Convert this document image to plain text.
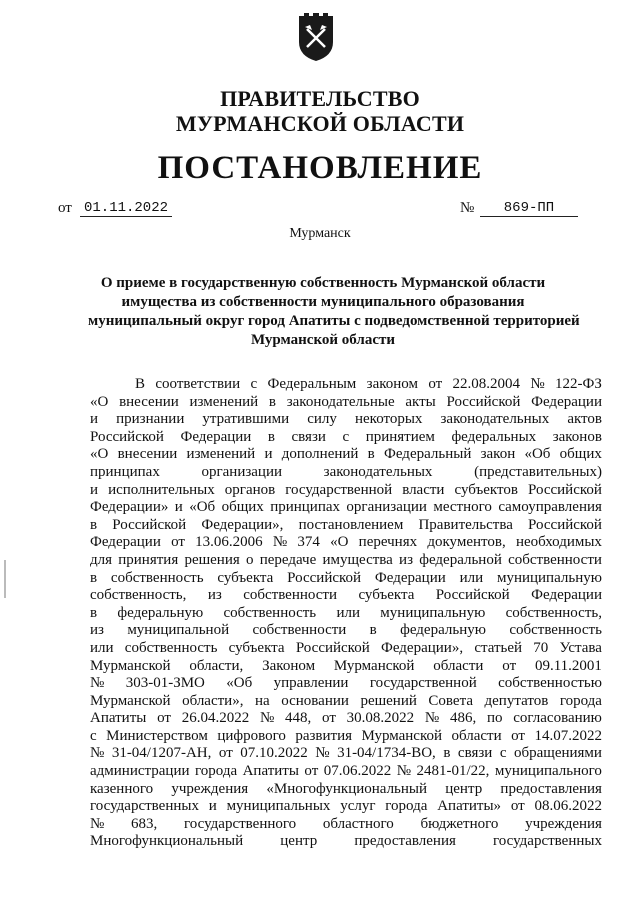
ПРАВИТЕЛЬСТВО
МУРМАНСКОЙ ОБЛАСТИ
ПОСТАНОВЛЕНИЕ
от 01.11.2022	№	869-ПП
Мурманск
О приеме в государственную собственность Мурманской области
имущества из собственности муниципального образования
муниципальный округ город Апатиты с подведомственной территорией
Мурманской области
В соответствии с Федеральным законом от 22.08.2004 № 122-ФЗ
«О внесении изменений в законодательные акты Российской Федерации
и признании утратившими силу некоторых законодательных актов
Российской Федерации в связи с принятием федеральных законов
«О внесении изменений и дополнений в Федеральный закон «Об общих
принципах	организации	законодательных	(представительных)
и исполнительных органов государственной власти субъектов Российской
Федерации» и «Об общих принципах организации местного самоуправления
в Российской Федерации», постановлением Правительства Российской
Федерации от 13.06.2006 № 374 «О перечнях документов, необходимых
для принятия решения о передаче имущества из федеральной собственности
в собственность субъекта Российской Федерации или муниципальную
собственность, из собственности субъекта Российской Федерации
в федеральную собственность или муниципальную собственность,
из муниципальной собственности в федеральную собственность
или собственность субъекта Российской Федерации», статьей 70 Устава
Мурманской области, Законом Мурманской области от 09.11.2001
№ 303-01-ЗМО «Об управлении государственной собственностью
Мурманской области», на основании решений Совета депутатов города
Апатиты от 26.04.2022 № 448, от 30.08.2022 № 486, по согласованию
с Министерством цифрового развития Мурманской области от 14.07.2022
№ 31-04/1207-АН, от 07.10.2022 № 31-04/1734-ВО, в связи с обращениями
администрации города Апатиты от 07.06.2022 № 2481-01/22, муниципального
казенного учреждения «Многофункциональный центр предоставления
государственных и муниципальных услуг города Апатиты» от 08.06.2022
№ 683, государственного областного бюджетного учреждения
Многофункциональный центр предоставления государственных
